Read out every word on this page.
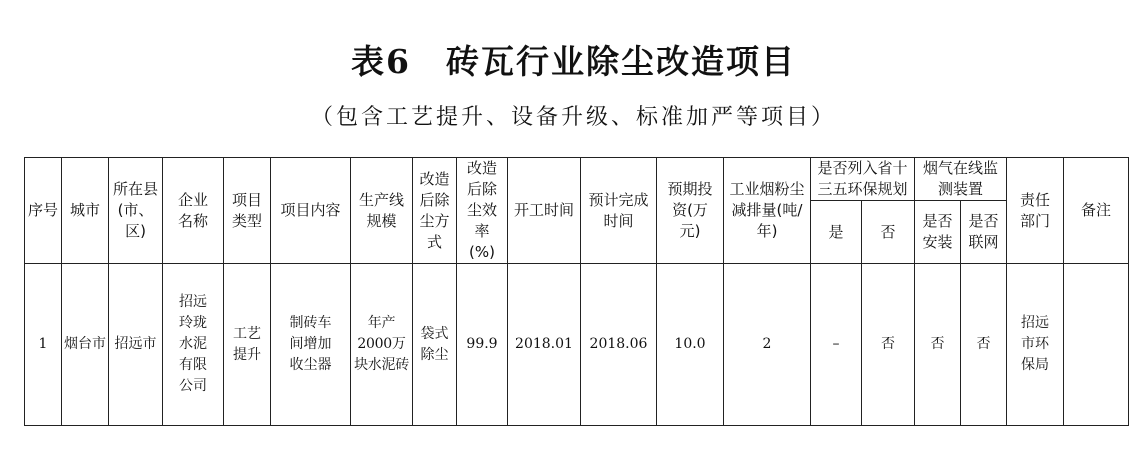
表6　砖瓦行业除尘改造项目
（包含工艺提升、设备升级、标准加严等项目）
序号	城市	所在县(市、区)	企业名称	项目类型	项目内容	生产线规模	改造后除尘方式	改造后除尘效率(%)	开工时间	预计完成时间	预期投资(万元)	工业烟粉尘减排量(吨/年)	是否列入省十三五环保规划		烟气在线监测装置		责任部门	备注
													是	否	是否安装	是否联网		
1	烟台市	招远市	招远玲珑水泥有限公司	工艺提升	制砖车间增加收尘器	年产2000万块水泥砖	袋式除尘	99.9	2018.01	2018.06	10.0	2	–	否	否	否	招远市环保局	
